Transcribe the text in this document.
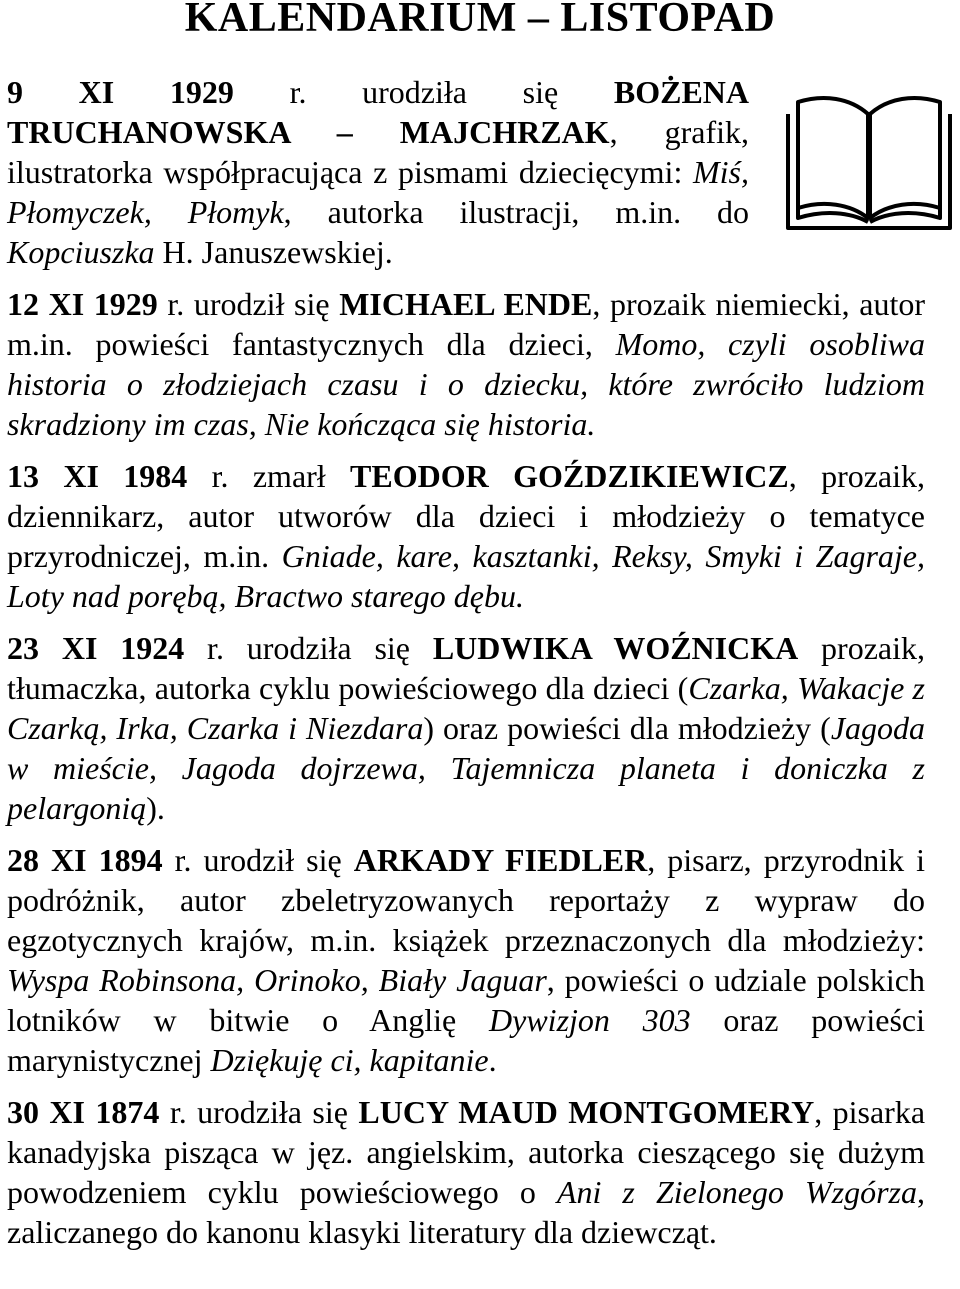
KALENDARIUM – LISTOPAD

9 XI 1929 r. urodziła się BOŻENA TRUCHANOWSKA – MAJCHRZAK, grafik, ilustratorka współpracująca z pismami dziecięcymi: Miś, Płomyczek, Płomyk, autorka ilustracji, m.in. do Kopciuszka H. Januszewskiej.

12 XI 1929 r. urodził się MICHAEL ENDE, prozaik niemiecki, autor m.in. powieści fantastycznych dla dzieci, Momo, czyli osobliwa historia o złodziejach czasu i o dziecku, które zwróciło ludziom skradziony im czas, Nie kończąca się historia.

13 XI 1984 r. zmarł TEODOR GOŹDZIKIEWICZ, prozaik, dziennikarz, autor utworów dla dzieci i młodzieży o tematyce przyrodniczej, m.in. Gniade, kare, kasztanki, Reksy, Smyki i Zagraje, Loty nad porębą, Bractwo starego dębu.

23 XI 1924 r. urodziła się LUDWIKA WOŹNICKA prozaik, tłumaczka, autorka cyklu powieściowego dla dzieci (Czarka, Wakacje z Czarką, Irka, Czarka i Niezdara) oraz powieści dla młodzieży (Jagoda w mieście, Jagoda dojrzewa, Tajemnicza planeta i doniczka z pelargonią).

28 XI 1894 r. urodził się ARKADY FIEDLER, pisarz, przyrodnik i podróżnik, autor zbeletryzowanych reportaży z wypraw do egzotycznych krajów, m.in. książek przeznaczonych dla młodzieży: Wyspa Robinsona, Orinoko, Biały Jaguar, powieści o udziale polskich lotników w bitwie o Anglię Dywizjon 303 oraz powieści marynistycznej Dziękuję ci, kapitanie.

30 XI 1874 r. urodziła się LUCY MAUD MONTGOMERY, pisarka kanadyjska pisząca w jęz. angielskim, autorka cieszącego się dużym powodzeniem cyklu powieściowego o Ani z Zielonego Wzgórza, zaliczanego do kanonu klasyki literatury dla dziewcząt.
